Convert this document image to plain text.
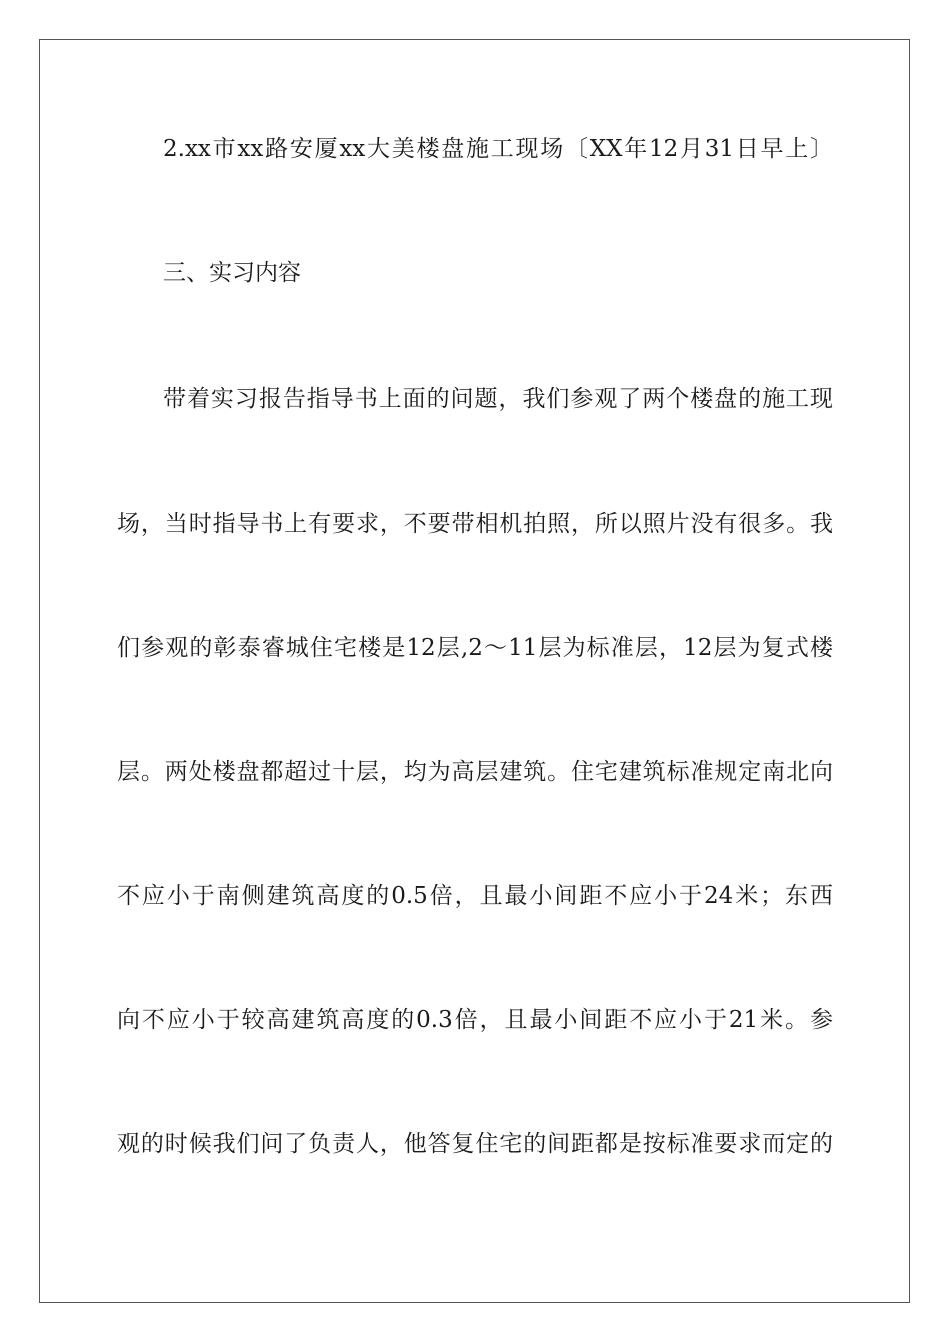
2.xx市xx路安厦xx大美楼盘施工现场〔XX年12月31日早上〕
三、实习内容
带着实习报告指导书上面的问题，我们参观了两个楼盘的施工现
场，当时指导书上有要求，不要带相机拍照，所以照片没有很多。我
们参观的彰泰睿城住宅楼是12层,2～11层为标准层，12层为复式楼
层。两处楼盘都超过十层，均为高层建筑。住宅建筑标准规定南北向
不应小于南侧建筑高度的0.5倍，且最小间距不应小于24米；东西
向不应小于较高建筑高度的0.3倍，且最小间距不应小于21米。参
观的时候我们问了负责人，他答复住宅的间距都是按标准要求而定的
